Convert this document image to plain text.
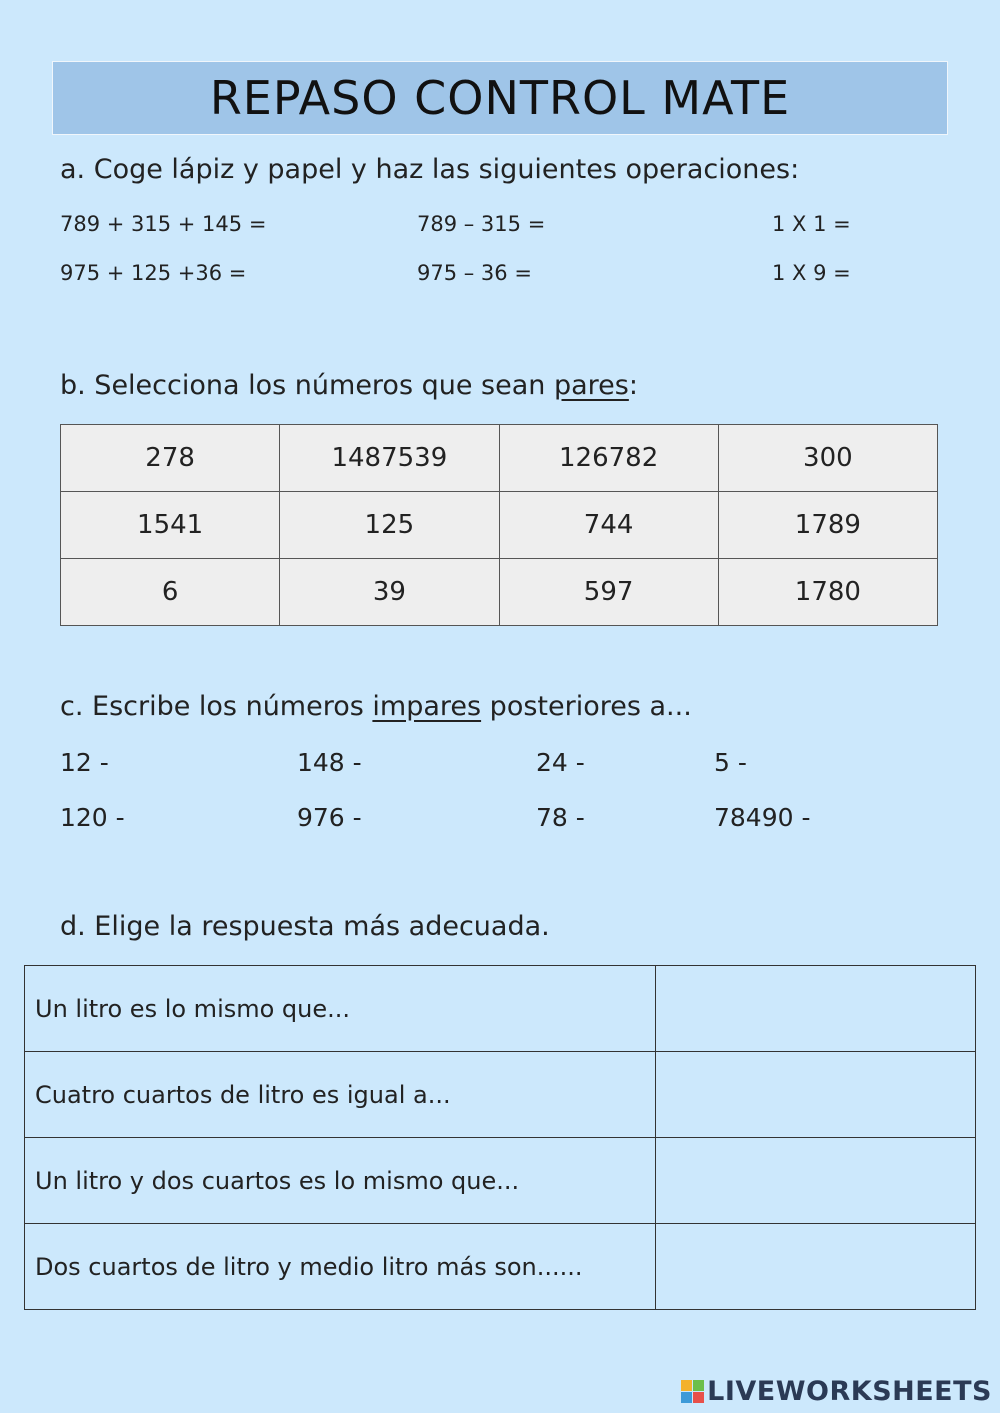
REPASO CONTROL MATE
a. Coge lápiz y papel y haz las siguientes operaciones:
789 + 315 + 145 =	789 – 315 =	1 X 1 =
975 + 125 +36 =	975 – 36 =	1 X 9 =
b. Selecciona los números que sean pares:
278	1487539	126782	300
1541	125	744	1789
6	39	597	1780
c. Escribe los números impares posteriores a...
12 -	148 -	24 -	5 -
120 -	976 -	78 -	78490 -
d. Elige la respuesta más adecuada.
Un litro es lo mismo que...	
Cuatro cuartos de litro es igual a...	
Un litro y dos cuartos es lo mismo que...	
Dos cuartos de litro y medio litro más son......	
LIVEWORKSHEETS
